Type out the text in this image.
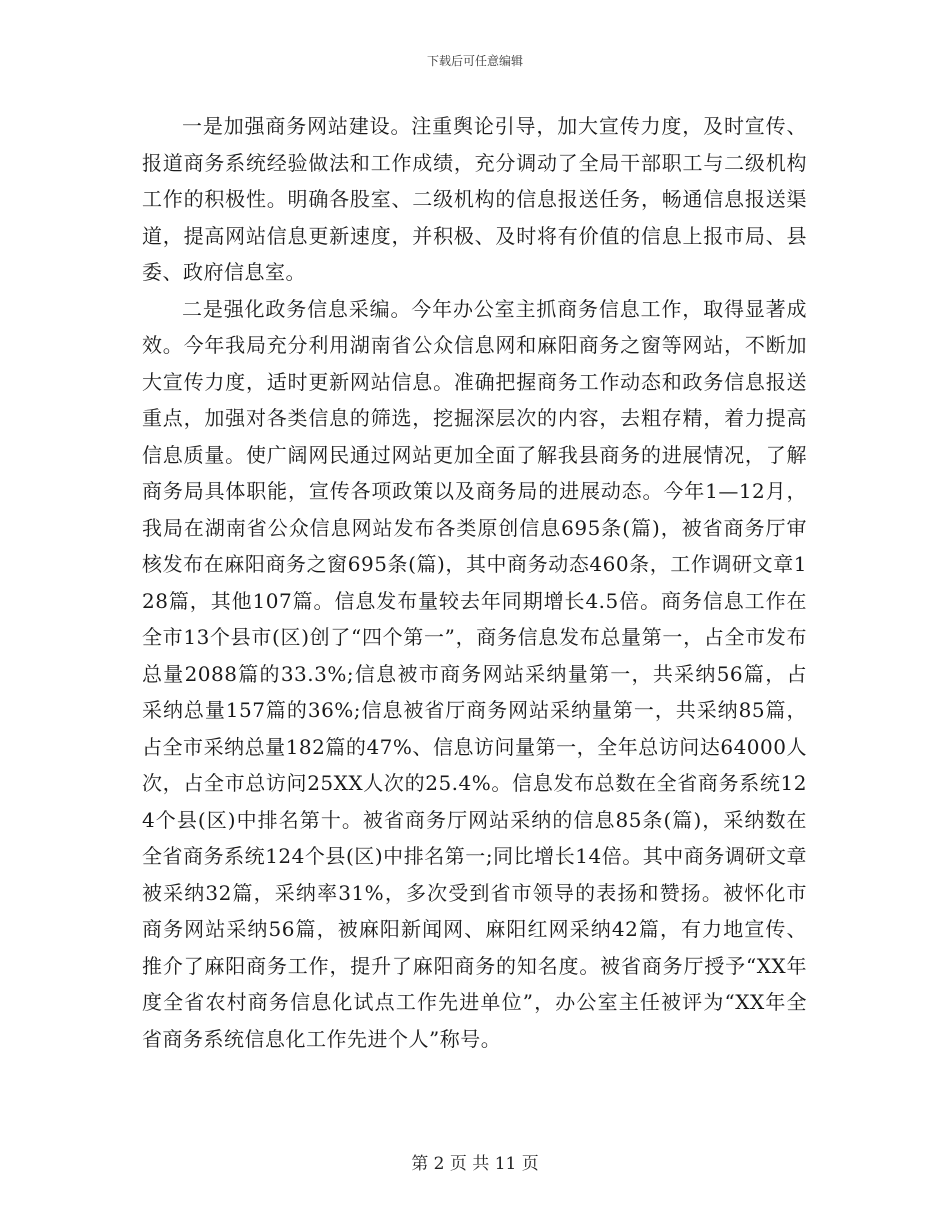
下载后可任意编辑

一是加强商务网站建设。注重舆论引导，加大宣传力度，及时宣传、报道商务系统经验做法和工作成绩，充分调动了全局干部职工与二级机构工作的积极性。明确各股室、二级机构的信息报送任务，畅通信息报送渠道，提高网站信息更新速度，并积极、及时将有价值的信息上报市局、县委、政府信息室。

二是强化政务信息采编。今年办公室主抓商务信息工作，取得显著成效。今年我局充分利用湖南省公众信息网和麻阳商务之窗等网站，不断加大宣传力度，适时更新网站信息。准确把握商务工作动态和政务信息报送重点，加强对各类信息的筛选，挖掘深层次的内容，去粗存精，着力提高信息质量。使广阔网民通过网站更加全面了解我县商务的进展情况，了解商务局具体职能，宣传各项政策以及商务局的进展动态。今年1—12月，我局在湖南省公众信息网站发布各类原创信息695条(篇)，被省商务厅审核发布在麻阳商务之窗695条(篇)，其中商务动态460条，工作调研文章128篇，其他107篇。信息发布量较去年同期增长4.5倍。商务信息工作在全市13个县市(区)创了“四个第一”，商务信息发布总量第一，占全市发布总量2088篇的33.3%;信息被市商务网站采纳量第一，共采纳56篇，占采纳总量157篇的36%;信息被省厅商务网站采纳量第一，共采纳85篇，占全市采纳总量182篇的47%、信息访问量第一，全年总访问达64000人次，占全市总访问25XX人次的25.4%。信息发布总数在全省商务系统124个县(区)中排名第十。被省商务厅网站采纳的信息85条(篇)，采纳数在全省商务系统124个县(区)中排名第一;同比增长14倍。其中商务调研文章被采纳32篇，采纳率31%，多次受到省市领导的表扬和赞扬。被怀化市商务网站采纳56篇，被麻阳新闻网、麻阳红网采纳42篇，有力地宣传、推介了麻阳商务工作，提升了麻阳商务的知名度。被省商务厅授予“XX年度全省农村商务信息化试点工作先进单位”，办公室主任被评为“XX年全省商务系统信息化工作先进个人”称号。

第 2 页 共 11 页
